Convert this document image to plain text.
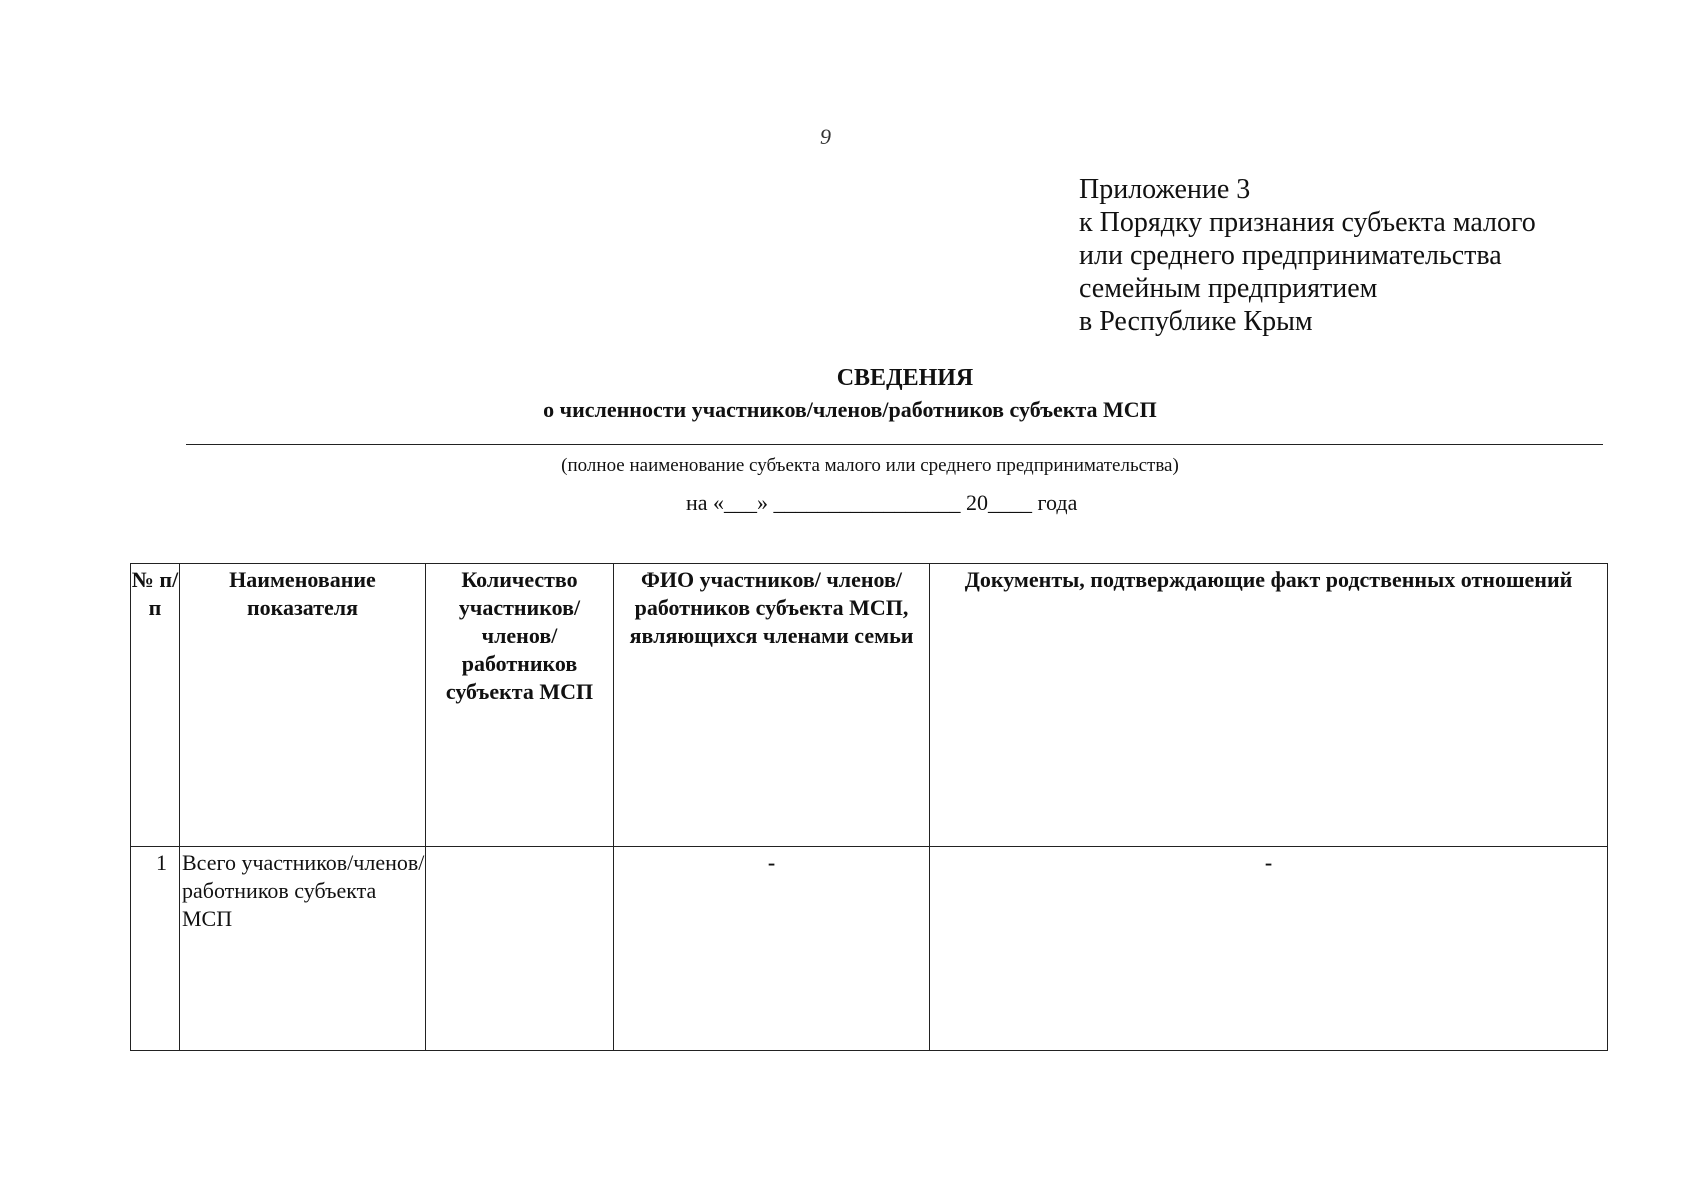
9
Приложение 3
к Порядку признания субъекта малого
или среднего предпринимательства
семейным предприятием
в Республике Крым
СВЕДЕНИЯ
о численности участников/членов/работников субъекта МСП
(полное наименование субъекта малого или среднего предпринимательства)
на «___» _________________ 20____ года
№ п/п	Наименование показателя	Количество участников/ членов/ работников субъекта МСП	ФИО участников/ членов/ работников субъекта МСП, являющихся членами семьи	Документы, подтверждающие факт родственных отношений
1	Всего участников/членов/ работников субъекта МСП		-	-
